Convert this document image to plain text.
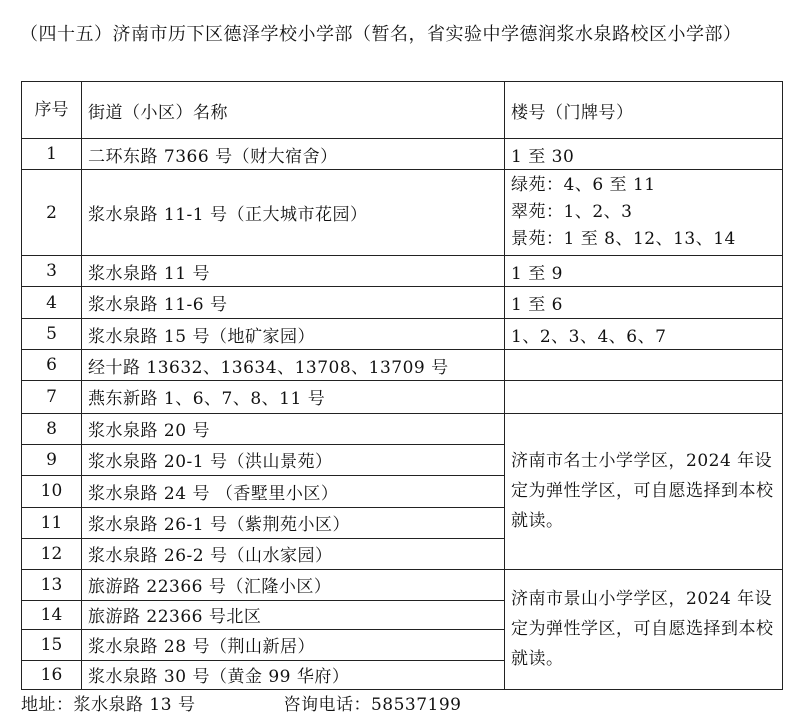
（四十五）济南市历下区德泽学校小学部（暂名，省实验中学德润浆水泉路校区小学部）
序号	街道（小区）名称	楼号（门牌号）
1	二环东路 7366 号（财大宿舍）	1 至 30
2	浆水泉路 11-1 号（正大城市花园）	绿苑：4、6 至 11
翠苑：1、2、3
景苑：1 至 8、12、13、14

3	浆水泉路 11 号	1 至 9
4	浆水泉路 11-6 号	1 至 6
5	浆水泉路 15 号（地矿家园）	1、2、3、4、6、7
6	经十路 13632、13634、13708、13709 号	
7	燕东新路 1、6、7、8、11 号	
8	浆水泉路 20 号	济南市名士小学学区，2024 年设定为弹性学区，可自愿选择到本校就读。
9	浆水泉路 20-1 号（洪山景苑）	
10	浆水泉路 24 号 （香墅里小区）	
11	浆水泉路 26-1 号（紫荆苑小区）	
12	浆水泉路 26-2 号（山水家园）	
13	旅游路 22366 号（汇隆小区）	济南市景山小学学区，2024 年设定为弹性学区，可自愿选择到本校就读。
14	旅游路 22366 号北区	
15	浆水泉路 28 号（荆山新居）	
16	浆水泉路 30 号（黄金 99 华府）	
地址：浆水泉路 13 号	咨询电话：58537199
